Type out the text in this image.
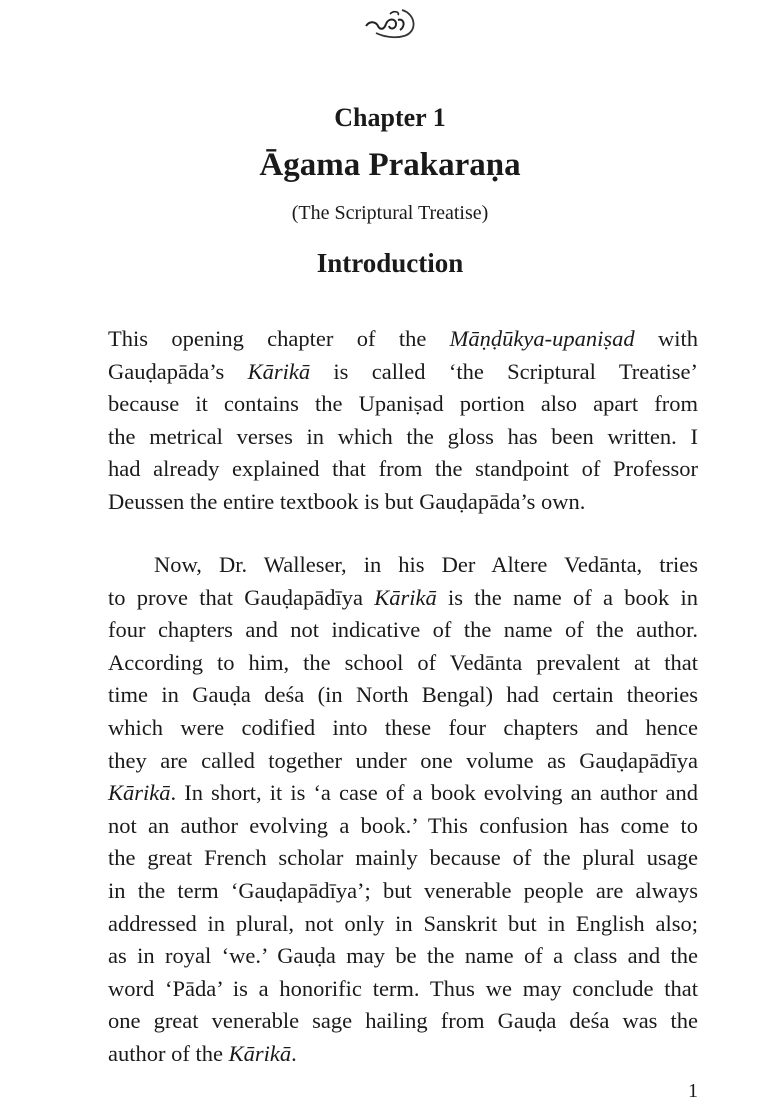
Chapter 1
Āgama Prakaraṇa
(The Scriptural Treatise)
Introduction
This opening chapter of the Māṇḍūkya-upaniṣad with
Gauḍapāda’s Kārikā is called ‘the Scriptural Treatise’
because it contains the Upaniṣad portion also apart from
the metrical verses in which the gloss has been written. I
had already explained that from the standpoint of Professor
Deussen the entire textbook is but Gauḍapāda’s own.
Now, Dr. Walleser, in his Der Altere Vedānta, tries
to prove that Gauḍapādīya Kārikā is the name of a book in
four chapters and not indicative of the name of the author.
According to him, the school of Vedānta prevalent at that
time in Gauḍa deśa (in North Bengal) had certain theories
which were codified into these four chapters and hence
they are called together under one volume as Gauḍapādīya
Kārikā. In short, it is ‘a case of a book evolving an author and
not an author evolving a book.’ This confusion has come to
the great French scholar mainly because of the plural usage
in the term ‘Gauḍapādīya’; but venerable people are always
addressed in plural, not only in Sanskrit but in English also;
as in royal ‘we.’ Gauḍa may be the name of a class and the
word ‘Pāda’ is a honorific term. Thus we may conclude that
one great venerable sage hailing from Gauḍa deśa was the
author of the Kārikā.
1
